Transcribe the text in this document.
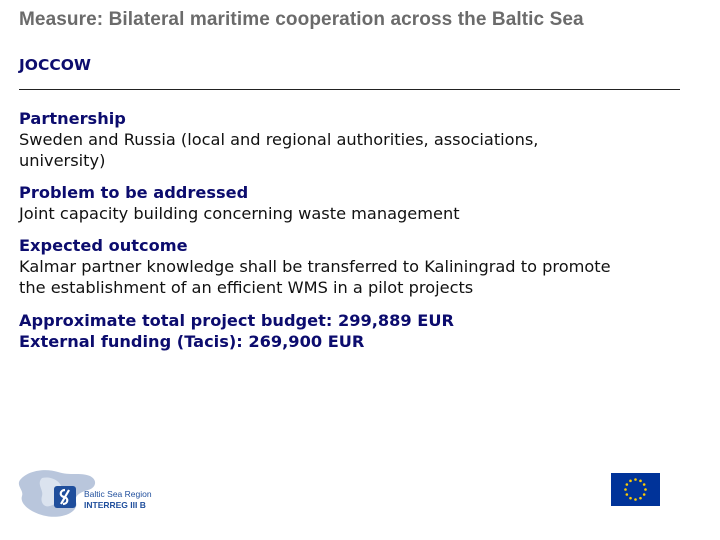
Measure: Bilateral maritime cooperation across the Baltic Sea
JOCCOW
Partnership
Sweden and Russia (local and regional authorities, associations,
university)
Problem to be addressed
Joint capacity building concerning waste management
Expected outcome
Kalmar partner knowledge shall be transferred to Kaliningrad to promote
the establishment of an efficient WMS in a pilot projects
Approximate total project budget: 299,889 EUR
External funding (Tacis): 269,900 EUR
Baltic Sea Region
INTERREG III B
